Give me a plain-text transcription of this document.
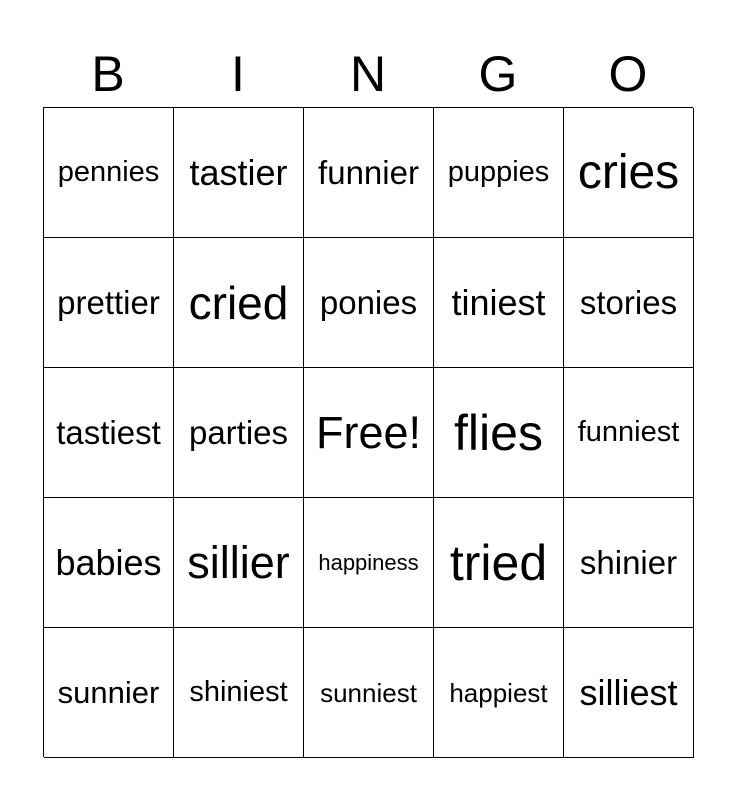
B	I	N	G	O
pennies tastier funnier puppies cries
prettier cried ponies tiniest	stories
tastiest parties Free! flies	funniest
babies sillier	happiness tried shinier
sunnier	shiniest	sunniest	happiest silliest
